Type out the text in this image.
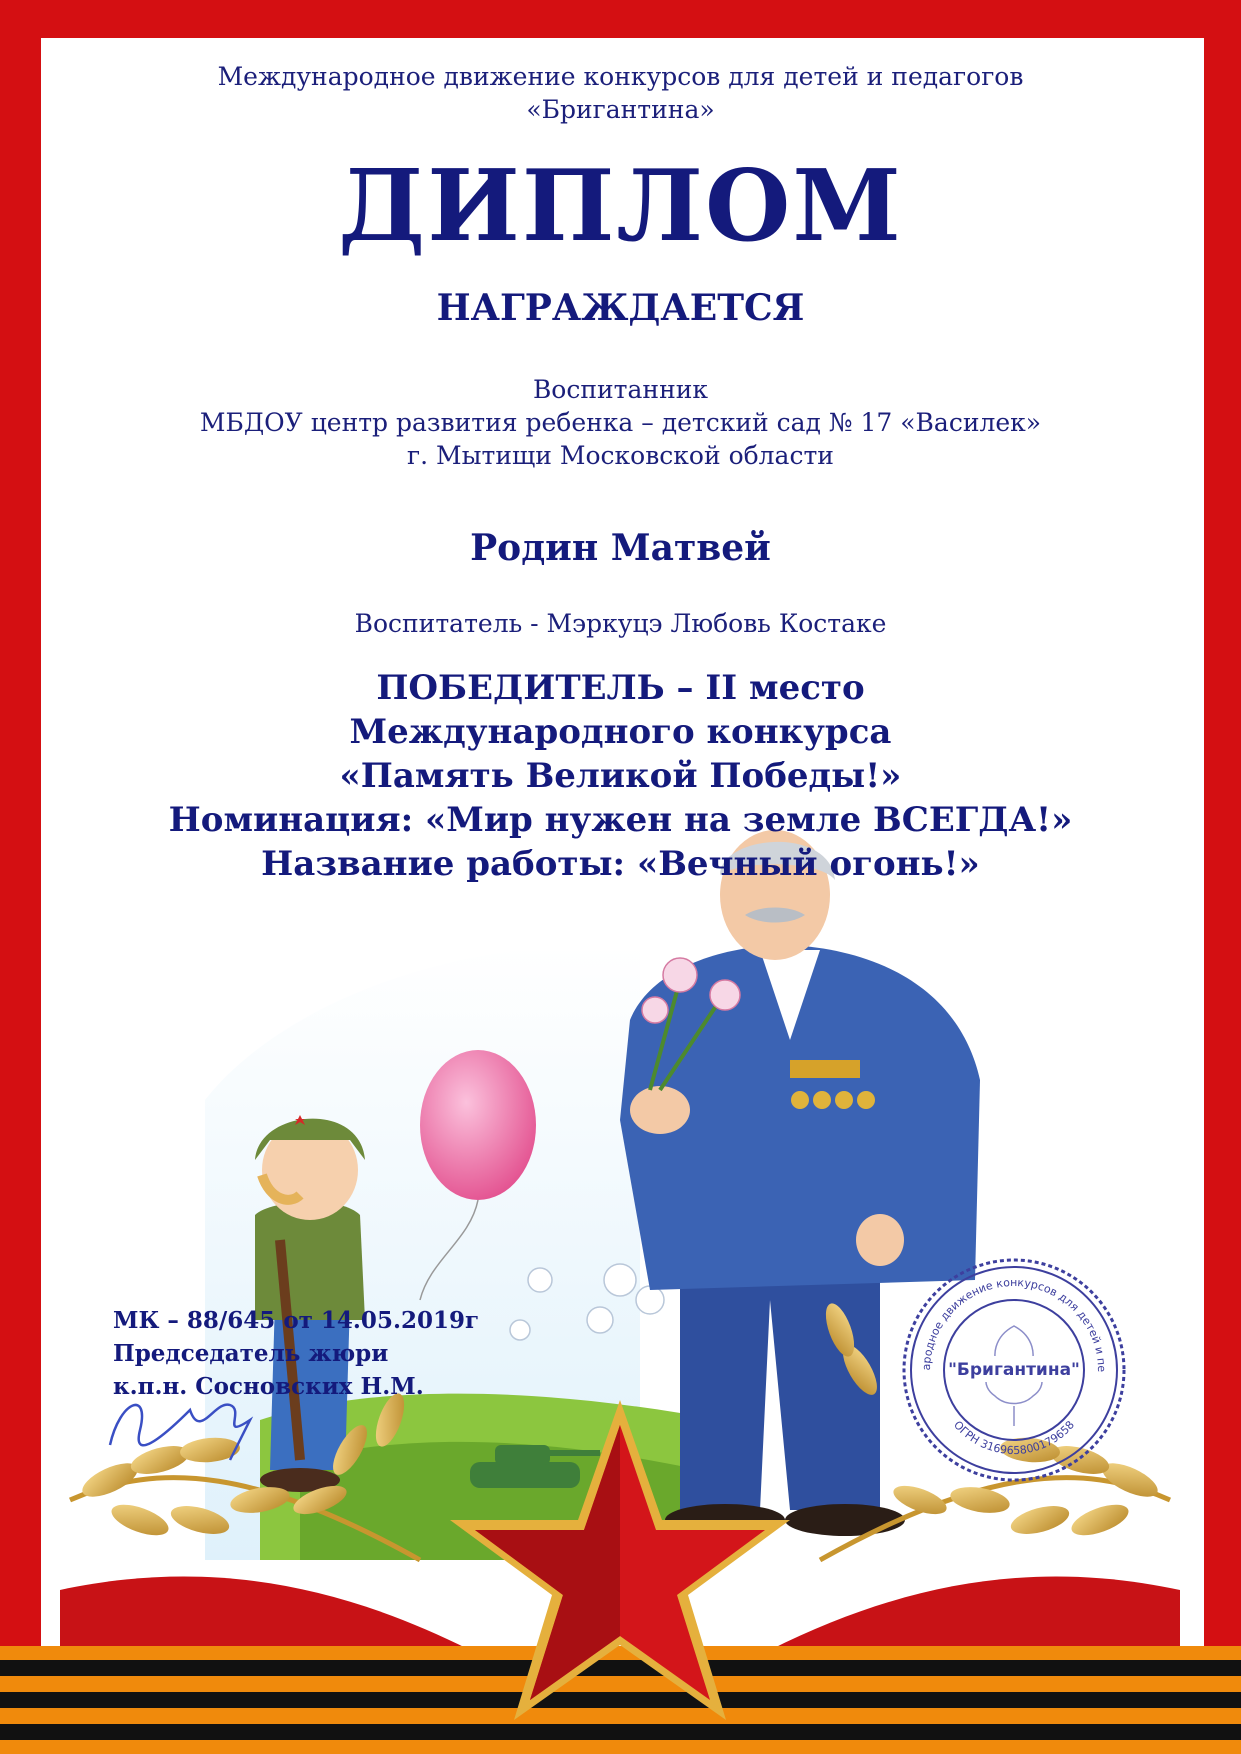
"Бригантина"
ародное движение конкурсов для детей и пе
ОГРН 316965800179658
Международное движение конкурсов для детей и педагогов
«Бригантина»
ДИПЛОМ
НАГРАЖДАЕТСЯ
Воспитанник
МБДОУ центр развития ребенка – детский сад № 17 «Василек»
г. Мытищи Московской области
Родин Матвей
Воспитатель - Мэркуцэ Любовь Костаке
ПОБЕДИТЕЛЬ – II место
Международного конкурса
«Память Великой Победы!»
Номинация: «Мир нужен на земле ВСЕГДА!»
Название работы: «Вечный огонь!»
МК – 88/645 от 14.05.2019г
Председатель жюри
к.п.н. Сосновских Н.М.
